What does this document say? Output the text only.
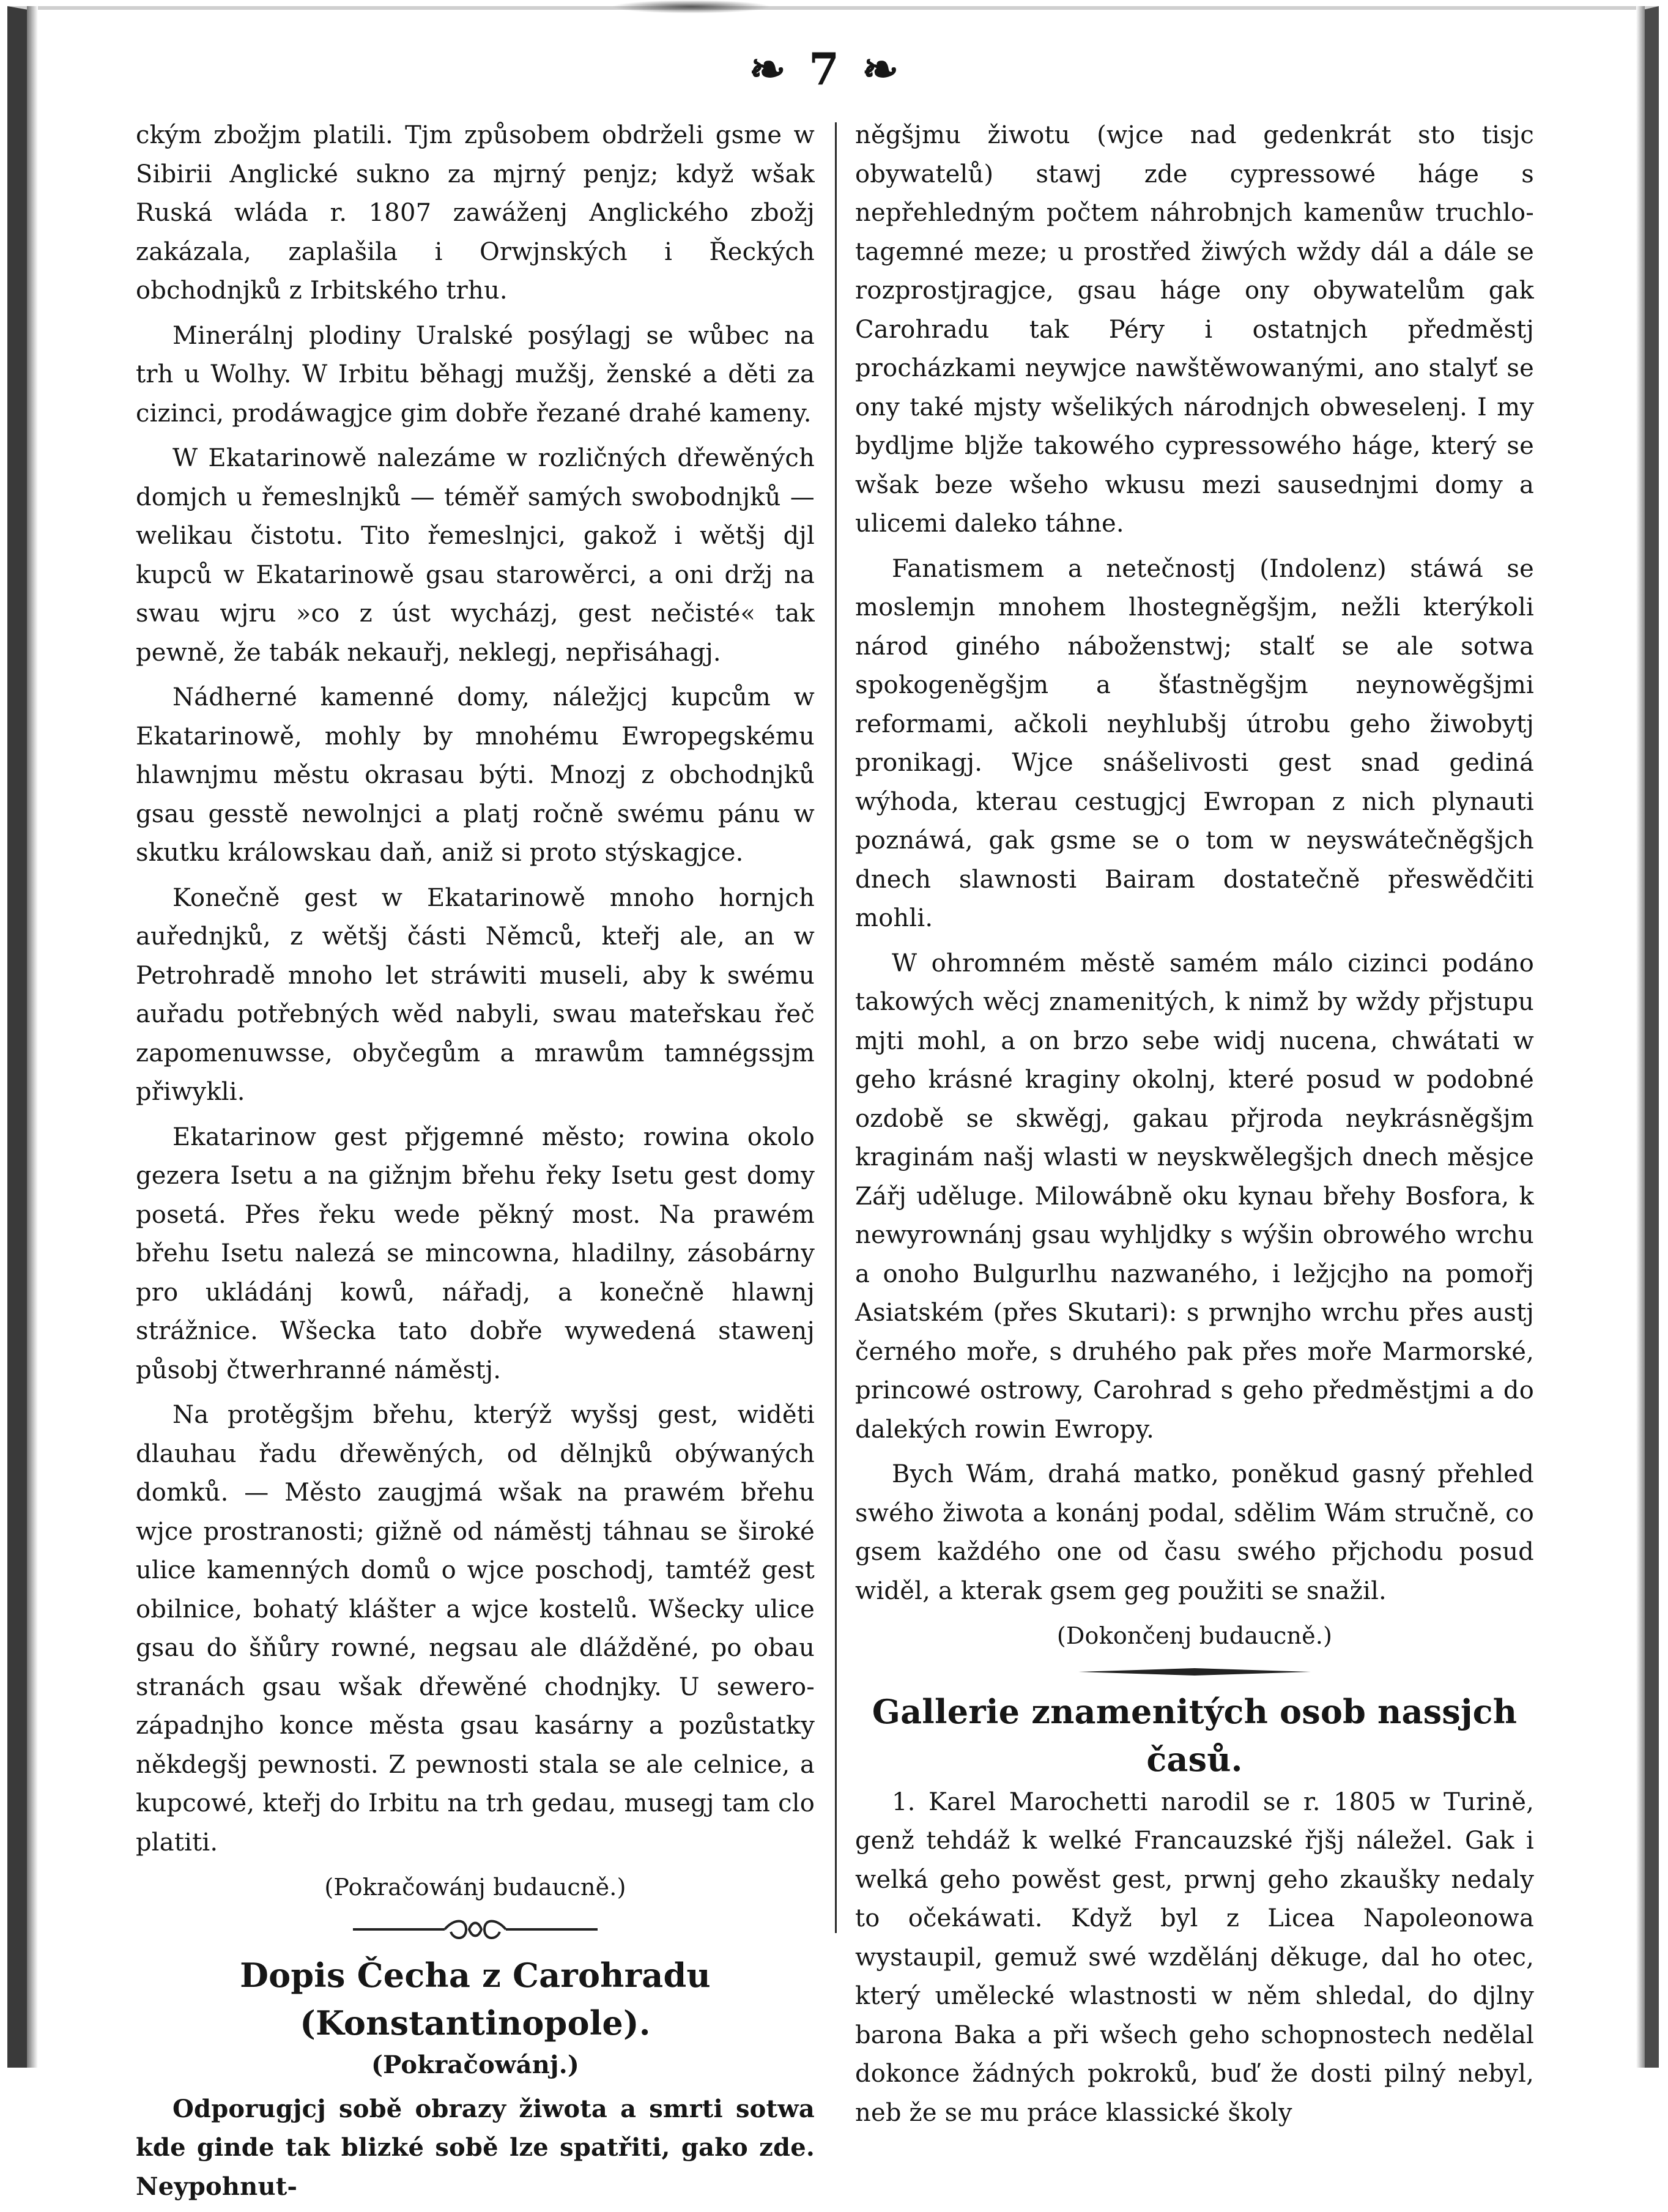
❧ 7 ❧

ckým zbožjm platili. Tjm způsobem obdrželi gsme w Sibirii Anglické sukno za mjrný penjz; když wšak Ruská wláda r. 1807 zawáženj Anglického zbožj zakázala, zaplašila i Orwjnských i Řeckých obchodnjků z Irbitského trhu.

Minerálnj plodiny Uralské posýlagj se wůbec na trh u Wolhy. W Irbitu běhagj mužšj, ženské a děti za cizinci, prodáwagjce gim dobře řezané drahé kameny.

W Ekatarinowě nalezáme w rozličných dřewěných domjch u řemeslnjků — téměř samých swobodnjků — welikau čistotu. Tito řemeslnjci, gakož i wětšj djl kupců w Ekatarinowě gsau starowěrci, a oni držj na swau wjru »co z úst wycházj, gest nečisté« tak pewně, že tabák nekauřj, neklegj, nepřisáhagj.

Nádherné kamenné domy, náležjcj kupcům w Ekatarinowě, mohly by mnohému Ewropegskému hlawnjmu městu okrasau býti. Mnozj z obchodnjků gsau gesstě newolnjci a platj ročně swému pánu w skutku králowskau daň, aniž si proto stýskagjce.

Konečně gest w Ekatarinowě mnoho hornjch auřednjků, z wětšj části Němců, kteřj ale, an w Petrohradě mnoho let stráwiti museli, aby k swému auřadu potřebných wěd nabyli, swau mateřskau řeč zapomenuwsse, obyčegům a mrawům tamnégssjm přiwykli.

Ekatarinow gest přjgemné město; rowina okolo gezera Isetu a na gižnjm břehu řeky Isetu gest domy posetá. Přes řeku wede pěkný most. Na prawém břehu Isetu nalezá se mincowna, hladilny, zásobárny pro ukládánj kowů, nářadj, a konečně hlawnj strážnice. Wšecka tato dobře wywedená stawenj působj čtwerhranné náměstj.

Na protěgšjm břehu, kterýž wyšsj gest, widěti dlauhau řadu dřewěných, od dělnjků obýwaných domků. — Město zaugjmá wšak na prawém břehu wjce prostranosti; gižně od náměstj táhnau se široké ulice kamenných domů o wjce poschodj, tamtéž gest obilnice, bohatý klášter a wjce kostelů. Wšecky ulice gsau do šňůry rowné, negsau ale dlážděné, po obau stranách gsau wšak dřewěné chodnjky. U sewero-západnjho konce města gsau kasárny a pozůstatky někdegšj pewnosti. Z pewnosti stala se ale celnice, a kupcowé, kteřj do Irbitu na trh gedau, musegj tam clo platiti.

(Pokračowánj budaucně.)
Dopis Čecha z Carohradu (Konstantinopole).
(Pokračowánj.)

Odporugjcj sobě obrazy žiwota a smrti sotwa kde ginde tak blizké sobě lze spatřiti, gako zde. Neypohnut-

něgšjmu žiwotu (wjce nad gedenkrát sto tisjc obywatelů) stawj zde cypressowé háge s nepřehledným počtem náhrobnjch kamenůw truchlo-tagemné meze; u prostřed žiwých wždy dál a dále se rozprostjragjce, gsau háge ony obywatelům gak Carohradu tak Péry i ostatnjch předměstj procházkami neywjce nawštěwowanými, ano stalyť se ony také mjsty wšelikých národnjch obweselenj. I my bydljme bljže takowého cypressowého háge, který se wšak beze wšeho wkusu mezi sausednjmi domy a ulicemi daleko táhne.

Fanatismem a netečnostj (Indolenz) stáwá se moslemjn mnohem lhostegněgšjm, nežli kterýkoli národ giného náboženstwj; stalť se ale sotwa spokogeněgšjm a šťastněgšjm neynowěgšjmi reformami, ačkoli neyhlubšj útrobu geho žiwobytj pronikagj. Wjce snášelivosti gest snad gediná wýhoda, kterau cestugjcj Ewropan z nich plynauti poznáwá, gak gsme se o tom w neyswátečněgšjch dnech slawnosti Bairam dostatečně přeswědčiti mohli.

W ohromném městě samém málo cizinci podáno takowých wěcj znamenitých, k nimž by wždy přjstupu mjti mohl, a on brzo sebe widj nucena, chwátati w geho krásné kraginy okolnj, které posud w podobné ozdobě se skwěgj, gakau přjroda neykrásněgšjm kraginám našj wlasti w neyskwělegšjch dnech měsjce Zářj uděluge. Milowábně oku kynau břehy Bosfora, k newyrownánj gsau wyhljdky s wýšin obrowého wrchu a onoho Bulgurlhu nazwaného, i ležjcjho na pomořj Asiatském (přes Skutari): s prwnjho wrchu přes austj černého moře, s druhého pak přes moře Marmorské, princowé ostrowy, Carohrad s geho předměstjmi a do dalekých rowin Ewropy.

Bych Wám, drahá matko, poněkud gasný přehled swého žiwota a konánj podal, sdělim Wám stručně, co gsem každého one od času swého přjchodu posud widěl, a kterak gsem geg použiti se snažil.

(Dokončenj budaucně.)
Gallerie znamenitých osob nassjch časů.

1. Karel Marochetti narodil se r. 1805 w Turině, genž tehdáž k welké Francauzské řjšj náležel. Gak i welká geho powěst gest, prwnj geho zkaušky nedaly to očekáwati. Když byl z Licea Napoleonowa wystaupil, gemuž swé wzdělánj děkuge, dal ho otec, který umělecké wlastnosti w něm shledal, do djlny barona Baka a při wšech geho schopnostech nedělal dokonce žádných pokroků, buď že dosti pilný nebyl, neb že se mu práce klassické školy
